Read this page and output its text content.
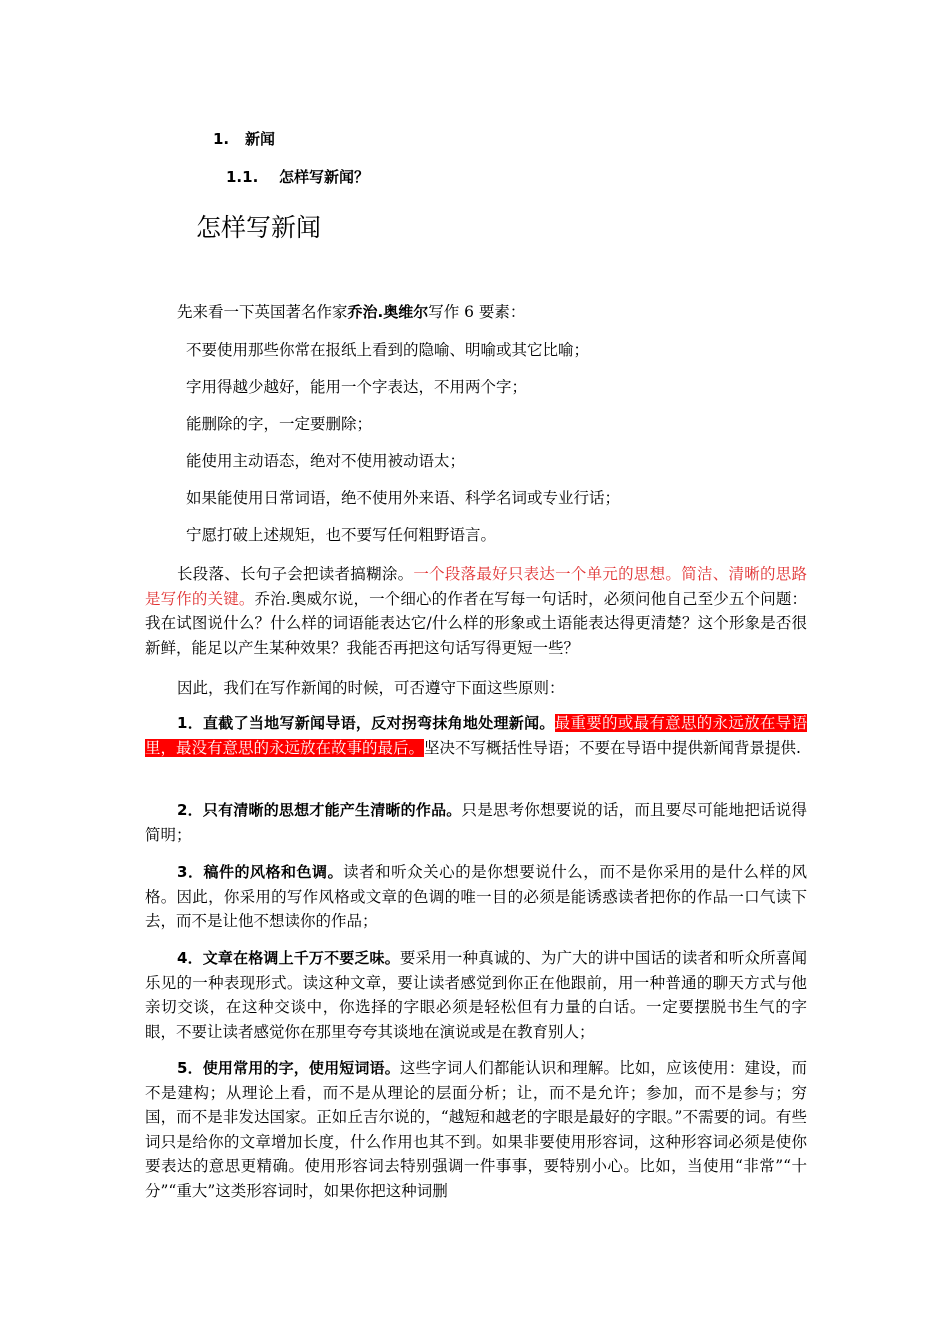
1. 新闻
1.1. 怎样写新闻？
怎样写新闻
先来看一下英国著名作家乔治.奥维尔写作 6 要素：
不要使用那些你常在报纸上看到的隐喻、明喻或其它比喻；
字用得越少越好，能用一个字表达，不用两个字；
能删除的字，一定要删除；
能使用主动语态，绝对不使用被动语太；
如果能使用日常词语，绝不使用外来语、科学名词或专业行话；
宁愿打破上述规矩，也不要写任何粗野语言。

长段落、长句子会把读者搞糊涂。一个段落最好只表达一个单元的思想。简洁、清晰的思路是写作的关键。乔治.奥威尔说，一个细心的作者在写每一句话时，必须问他自己至少五个问题：我在试图说什么？什么样的词语能表达它/什么样的形象或土语能表达得更清楚？这个形象是否很新鲜，能足以产生某种效果？我能否再把这句话写得更短一些？

因此，我们在写作新闻的时候，可否遵守下面这些原则：

1．直截了当地写新闻导语，反对拐弯抹角地处理新闻。最重要的或最有意思的永远放在导语里，最没有意思的永远放在故事的最后。坚决不写概括性导语；不要在导语中提供新闻背景提供.

2．只有清晰的思想才能产生清晰的作品。只是思考你想要说的话，而且要尽可能地把话说得简明；

3．稿件的风格和色调。读者和听众关心的是你想要说什么，而不是你采用的是什么样的风格。因此，你采用的写作风格或文章的色调的唯一目的必须是能诱惑读者把你的作品一口气读下去，而不是让他不想读你的作品；

4．文章在格调上千万不要乏味。要采用一种真诚的、为广大的讲中国话的读者和听众所喜闻乐见的一种表现形式。读这种文章，要让读者感觉到你正在他跟前，用一种普通的聊天方式与他亲切交谈，在这种交谈中，你选择的字眼必须是轻松但有力量的白话。一定要摆脱书生气的字眼，不要让读者感觉你在那里夸夸其谈地在演说或是在教育别人；

5．使用常用的字，使用短词语。这些字词人们都能认识和理解。比如，应该使用：建设，而不是建构；从理论上看，而不是从理论的层面分析；让，而不是允许；参加，而不是参与；穷国，而不是非发达国家。正如丘吉尔说的，“越短和越老的字眼是最好的字眼。”不需要的词。有些词只是给你的文章增加长度，什么作用也其不到。如果非要使用形容词，这种形容词必须是使你要表达的意思更精确。使用形容词去特别强调一件事事，要特别小心。比如，当使用“非常”“十分”“重大”这类形容词时，如果你把这种词删
